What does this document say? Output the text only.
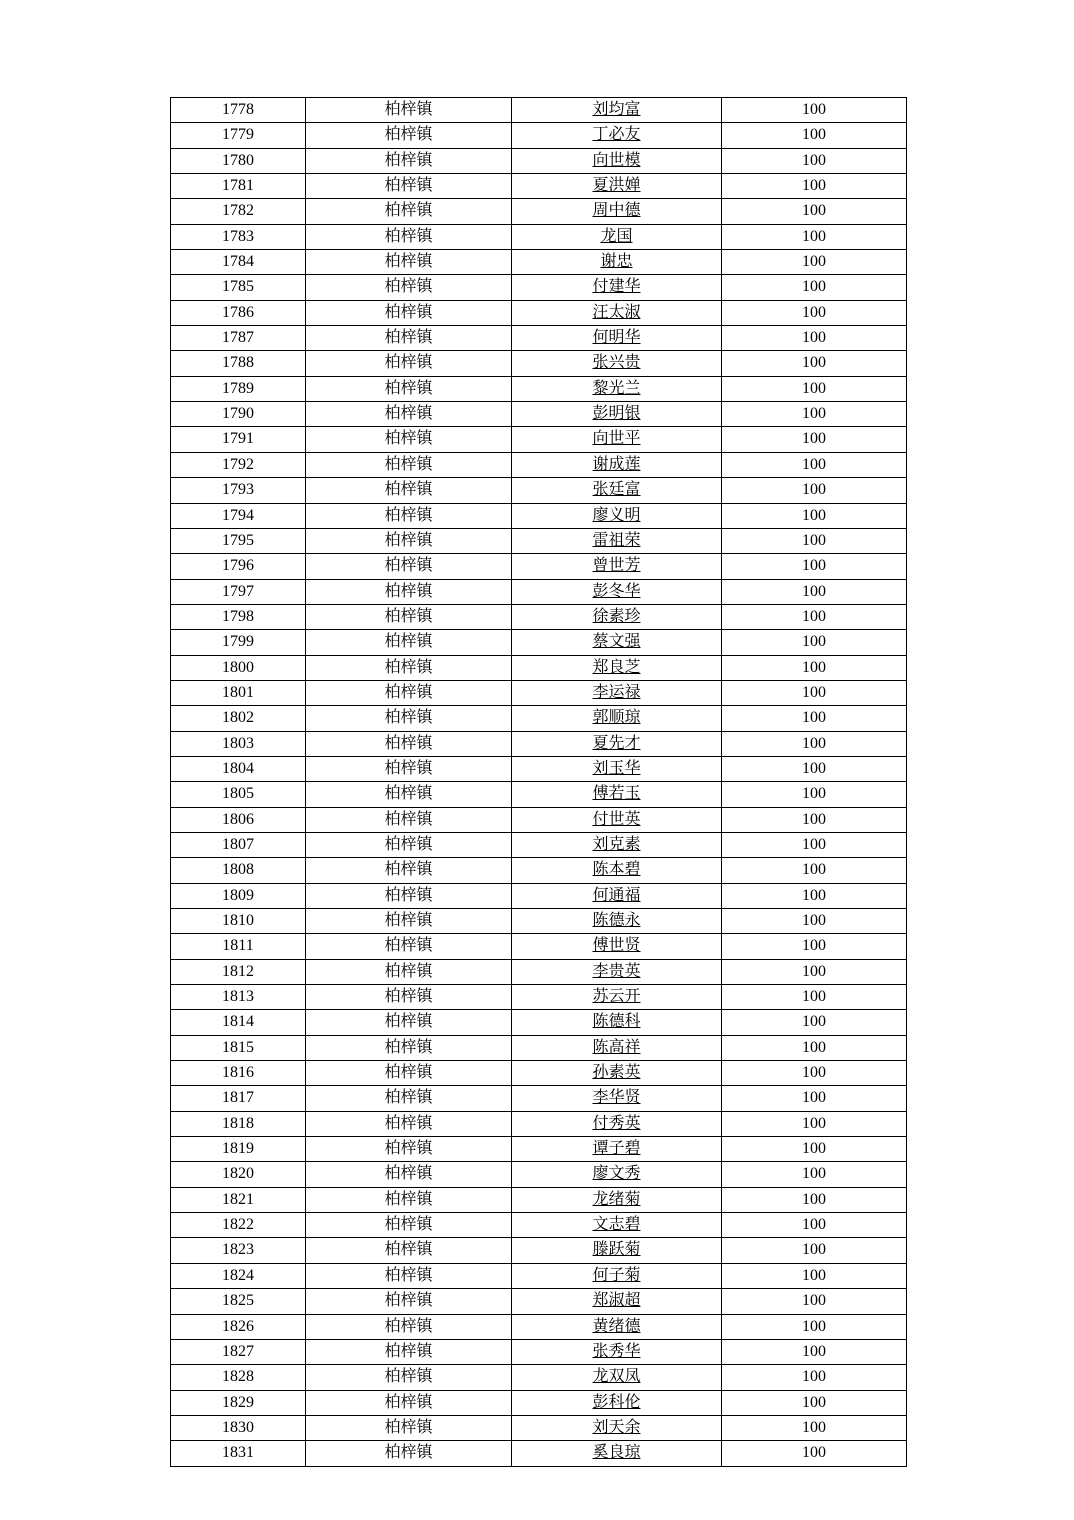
1778	柏梓镇	刘均富	100
1779	柏梓镇	丁必友	100
1780	柏梓镇	向世模	100
1781	柏梓镇	夏洪婵	100
1782	柏梓镇	周中德	100
1783	柏梓镇	龙国	100
1784	柏梓镇	谢忠	100
1785	柏梓镇	付建华	100
1786	柏梓镇	汪太淑	100
1787	柏梓镇	何明华	100
1788	柏梓镇	张兴贵	100
1789	柏梓镇	黎光兰	100
1790	柏梓镇	彭明银	100
1791	柏梓镇	向世平	100
1792	柏梓镇	谢成莲	100
1793	柏梓镇	张廷富	100
1794	柏梓镇	廖义明	100
1795	柏梓镇	雷祖荣	100
1796	柏梓镇	曾世芳	100
1797	柏梓镇	彭冬华	100
1798	柏梓镇	徐素珍	100
1799	柏梓镇	蔡文强	100
1800	柏梓镇	郑良芝	100
1801	柏梓镇	李运禄	100
1802	柏梓镇	郭顺琼	100
1803	柏梓镇	夏先才	100
1804	柏梓镇	刘玉华	100
1805	柏梓镇	傅若玉	100
1806	柏梓镇	付世英	100
1807	柏梓镇	刘克素	100
1808	柏梓镇	陈本碧	100
1809	柏梓镇	何通福	100
1810	柏梓镇	陈德永	100
1811	柏梓镇	傅世贤	100
1812	柏梓镇	李贵英	100
1813	柏梓镇	苏云开	100
1814	柏梓镇	陈德科	100
1815	柏梓镇	陈高祥	100
1816	柏梓镇	孙素英	100
1817	柏梓镇	李华贤	100
1818	柏梓镇	付秀英	100
1819	柏梓镇	谭子碧	100
1820	柏梓镇	廖文秀	100
1821	柏梓镇	龙绪菊	100
1822	柏梓镇	文志碧	100
1823	柏梓镇	滕跃菊	100
1824	柏梓镇	何子菊	100
1825	柏梓镇	郑淑超	100
1826	柏梓镇	黄绪德	100
1827	柏梓镇	张秀华	100
1828	柏梓镇	龙双凤	100
1829	柏梓镇	彭科伦	100
1830	柏梓镇	刘天余	100
1831	柏梓镇	奚良琼	100
